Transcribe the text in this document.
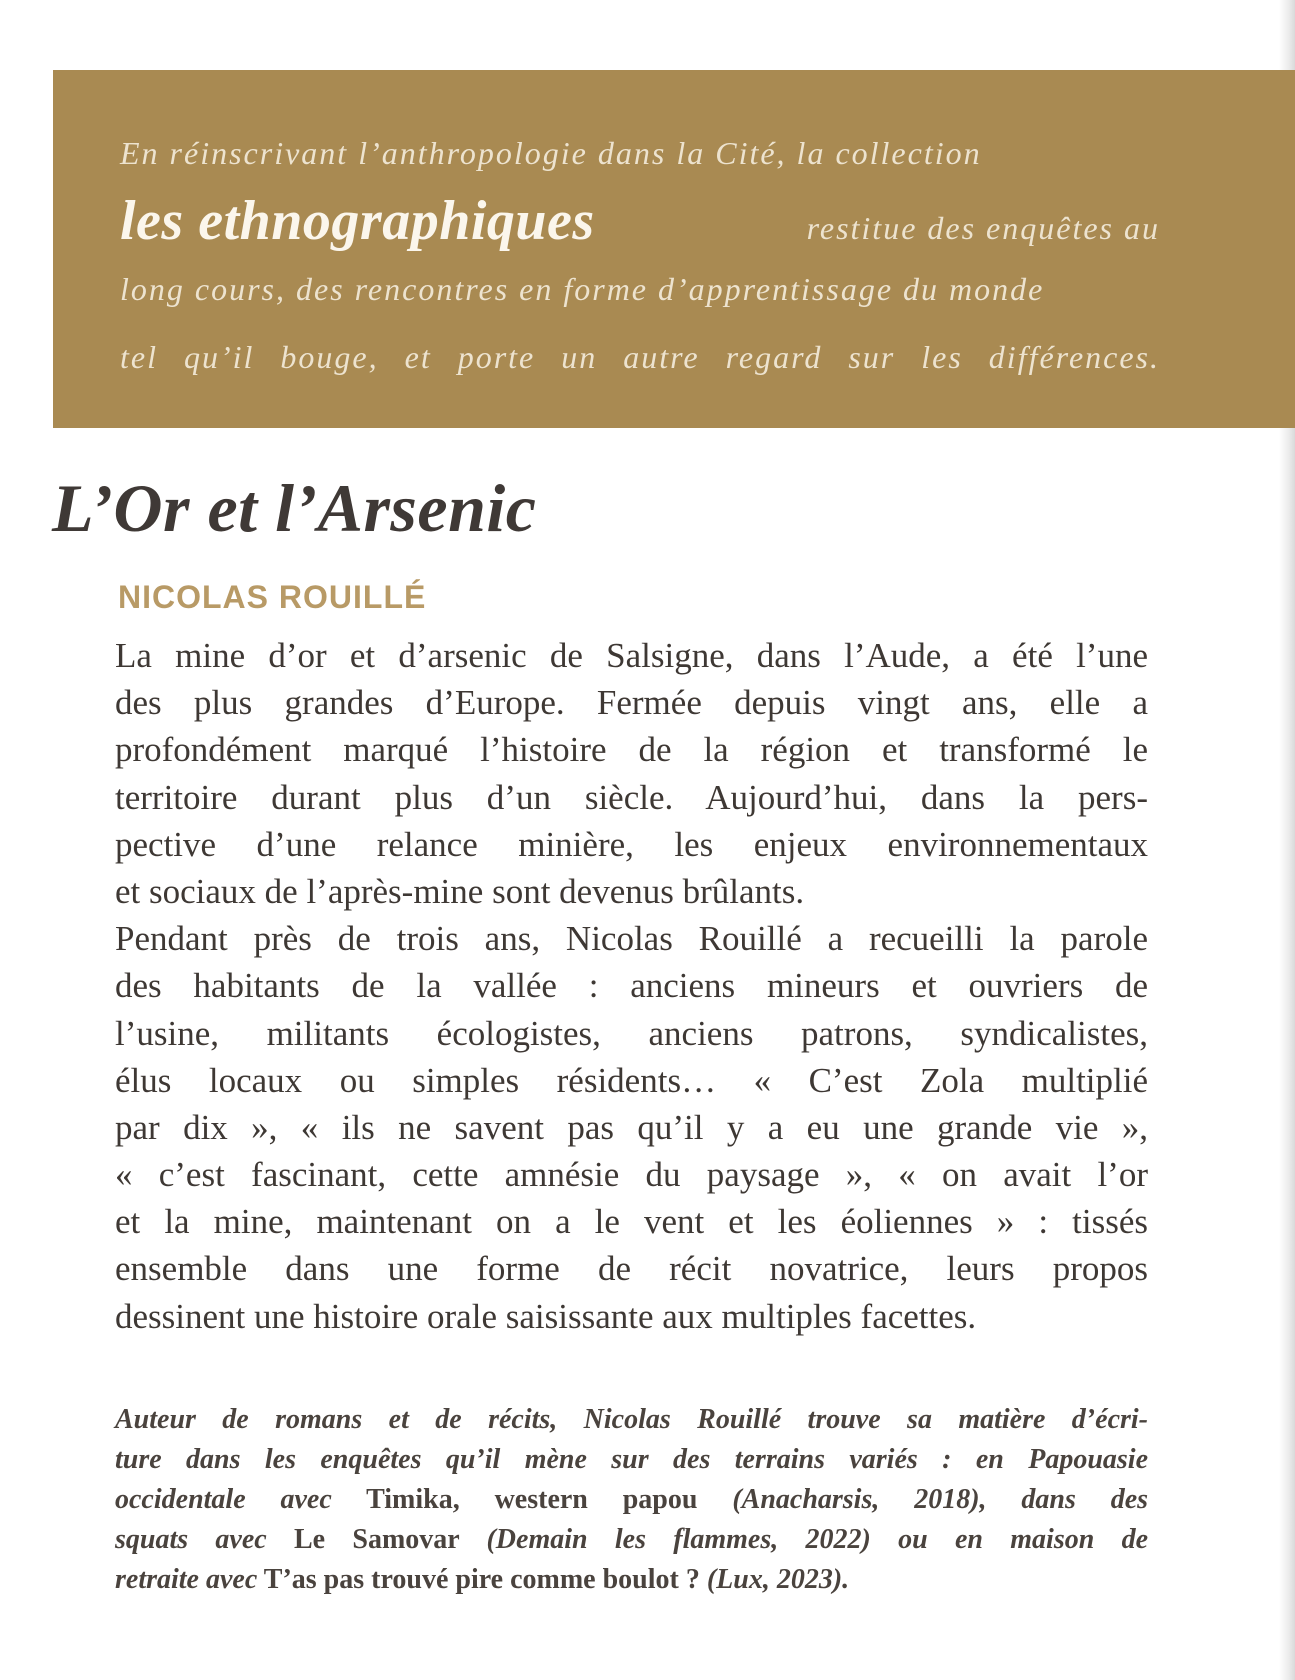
En réinscrivant l’anthropologie dans la Cité, la collection
les ethnographiques	restitue des enquêtes au
long cours, des rencontres en forme d’apprentissage du monde
tel qu’il bouge, et porte un autre regard sur les différences.
L’Or et l’Arsenic
NICOLAS ROUILLÉ
La mine d’or et d’arsenic de Salsigne, dans l’Aude, a été l’une
des plus grandes d’Europe. Fermée depuis vingt ans, elle a
profondément marqué l’histoire de la région et transformé le
territoire durant plus d’un siècle. Aujourd’hui, dans la pers-
pective d’une relance minière, les enjeux environnementaux
et sociaux de l’après-mine sont devenus brûlants.
Pendant près de trois ans, Nicolas Rouillé a recueilli la parole
des habitants de la vallée : anciens mineurs et ouvriers de
l’usine, militants écologistes, anciens patrons, syndicalistes,
élus locaux ou simples résidents… « C’est Zola multiplié
par dix », « ils ne savent pas qu’il y a eu une grande vie »,
« c’est fascinant, cette amnésie du paysage », « on avait l’or
et la mine, maintenant on a le vent et les éoliennes » : tissés
ensemble dans une forme de récit novatrice, leurs propos
dessinent une histoire orale saisissante aux multiples facettes.
Auteur de romans et de récits, Nicolas Rouillé trouve sa matière d’écri-
ture dans les enquêtes qu’il mène sur des terrains variés : en Papouasie
occidentale avec Timika, western papou (Anacharsis, 2018), dans des
squats avec Le Samovar (Demain les flammes, 2022) ou en maison de
retraite avec T’as pas trouvé pire comme boulot ? (Lux, 2023).
